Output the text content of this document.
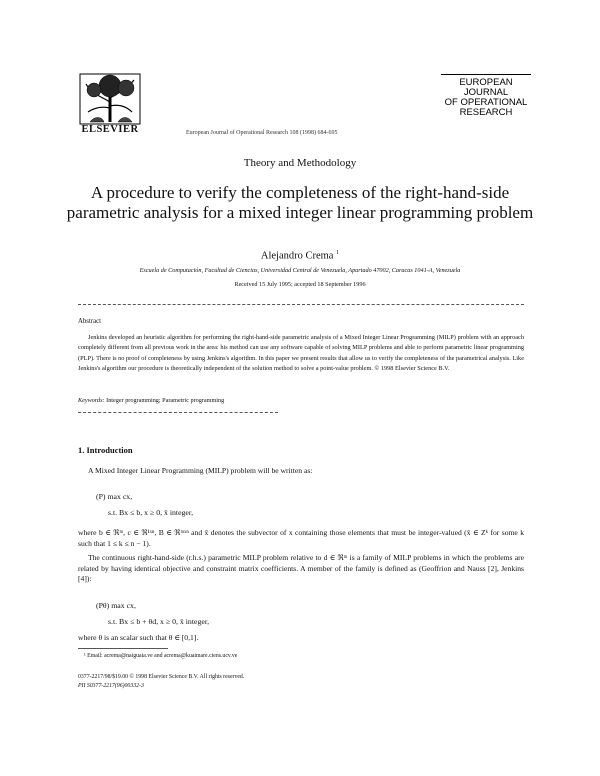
ELSEVIER	European Journal of Operational Research 108 (1998) 684-695
EUROPEAN
JOURNAL
OF OPERATIONAL
RESEARCH
Theory and Methodology
A procedure to verify the completeness of the right-hand-side parametric analysis for a mixed integer linear programming problem
Alejandro Crema $^1$
Escuela de Computación, Facultad de Ciencias, Universidad Central de Venezuela, Apartado 47002, Caracas 1041-A, Venezuela
Received 15 July 1995; accepted 18 September 1996
Abstract
Jenkins developed an heuristic algorithm for performing the right-hand-side parametric analysis of a Mixed Integer Linear Programming (MILP) problem with an approach completely different from all previous work in the area: his method can use any software capable of solving MILP problems and able to perform parametric linear programming (PLP). There is no proof of completeness by using Jenkins's algorithm. In this paper we present results that allow us to verify the completeness of the parametrical analysis. Like Jenkins's algorithm our procedure is theoretically independent of the solution method to solve a point-value problem. © 1998 Elsevier Science B.V.
Keywords: Integer programming; Parametric programming
1. Introduction
A Mixed Integer Linear Programming (MILP) problem will be written as:
(P) max cx,
s.t. Bx ≤ b, x ≥ 0, x̄ integer,
where b ∈ ℜᵐ, c ∈ ℜ¹ˣⁿ, B ∈ ℜᵐˣⁿ and x̄ denotes the subvector of x containing those elements that must be integer-valued (x̄ ∈ Zᵏ for some k such that 1 ≤ k ≤ n − 1).
The continuous right-hand-side (r.h.s.) parametric MILP problem relative to d ∈ ℜᵐ is a family of MILP problems in which the problems are related by having identical objective and constraint matrix coefficients. A member of the family is defined as (Geoffrion and Nauss [2], Jenkins [4]):
(Pθ) max cx,
s.t. Bx ≤ b + θd, x ≥ 0, x̄ integer,
where θ is an scalar such that θ ∈ [0,1].
¹ Email: acrema@naiguata.ve and acrema@kuaimare.ciens.ucv.ve
0377-2217/98/$19.00 © 1998 Elsevier Science B.V. All rights reserved.
PII S0377-2217(96)00332-3
